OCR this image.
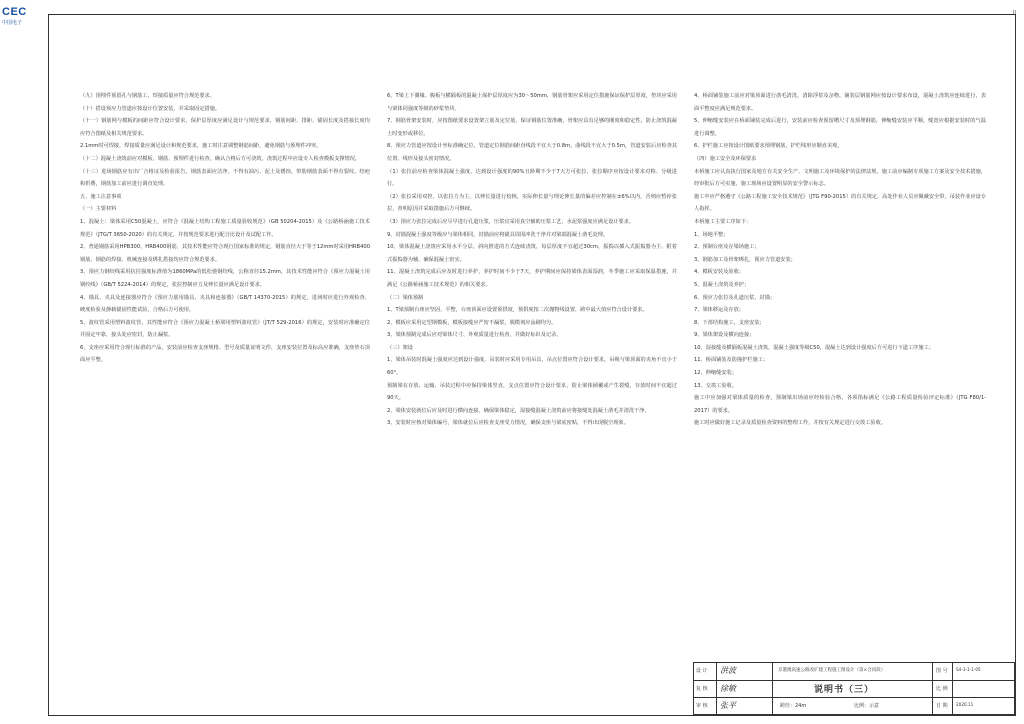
CEC
中国电子
ll

（九）预埋件预留孔与钢筋工，焊接质量应符合规范要求。

（十）搭设预应力管道应按设计位置安装，并采取固定措施。

（十一）钢筋网与模板的间距应符合设计要求，保护层厚度应满足设计与规范要求，钢筋间距、排距、锚固长度及搭接长度均应符合图纸及相关规范要求。

2.1mm时可焊接，焊接质量应满足设计和规范要求，施工时注意调整钢筋间距，避免钢筋与预埋件冲突。

（十二）混凝土浇筑前应对模板、钢筋、预埋件进行检查，确认合格后方可浇筑，浇筑过程中应设专人检查模板支撑情况。

（十三）进场钢筋应有出厂合格证及检验报告，钢筋表面应洁净，不得有油污、泥土及锈蚀，带肋钢筋表面不得有裂纹、结疤和折叠，钢筋加工前应进行调直处理。

五、施工注意事项

（一）主要材料

1、混凝土：梁体采用C50混凝土，应符合《混凝土结构工程施工质量验收规范》（GB 50204-2015）及《公路桥涵施工技术规范》（JTG/T 3650-2020）的有关规定，并按规范要求进行配合比设计及试配工作。

2、普通钢筋采用HPB300、HRB400钢筋，其技术性能应符合现行国家标准的规定，钢筋直径大于等于12mm时采用HRB400钢筋，钢筋的焊接、机械连接及绑扎搭接均应符合规范要求。

3、预应力钢绞线采用抗拉强度标准值为1860MPa的低松弛钢绞线，公称直径15.2mm，其技术性能应符合《预应力混凝土用钢绞线》（GB/T 5224-2014）的规定，张拉控制应力及伸长量应满足设计要求。

4、锚具、夹具及连接器应符合《预应力筋用锚具、夹具和连接器》（GB/T 14370-2015）的规定，进场时应进行外观检查、硬度检验及静载锚固性能试验，合格后方可使用。

5、波纹管采用塑料波纹管，其性能应符合《预应力混凝土桥梁用塑料波纹管》（JT/T 529-2016）的规定，安装时应准确定位并固定牢靠，接头处应密封，防止漏浆。

6、支座应采用符合现行标准的产品，安装前应检查支座规格、型号及质量证明文件，支座安装位置及标高应准确，支座垫石顶面应平整。

6、T梁上下翼缘、腹板与横隔板的混凝土保护层厚度应为30～50mm，钢筋骨架应采用定位措施保证保护层厚度，垫块应采用与梁体同强度等级的砂浆垫块。

7、钢筋骨架安装时，应按图纸要求设置架立筋及定位筋，保证钢筋位置准确，骨架应具有足够的刚度和稳定性，防止浇筑混凝土时变形或移位。

8、预应力管道应按设计坐标准确定位，管道定位钢筋间距直线段不宜大于0.8m，曲线段不宜大于0.5m，管道安装后应检查其位置、线形及接头密封情况。

（1）张拉前应检查梁体混凝土强度，达到设计强度的90%且龄期不少于7天方可张拉，张拉顺序应按设计要求对称、分级进行。

（2）张拉采用双控，以张拉力为主，以伸长量进行校核，实际伸长量与理论伸长量的偏差应控制在±6%以内，否则应暂停张拉，查明原因并采取措施后方可继续。

（3）预应力张拉完成后应尽早进行孔道压浆，压浆宜采用真空辅助压浆工艺，水泥浆强度应满足设计要求。

9、封锚混凝土强度等级应与梁体相同，封锚前应将锚具周围冲洗干净并对梁端混凝土凿毛处理。

10、梁体混凝土浇筑应采用水平分层、斜向推进的方式连续浇筑，每层厚度不宜超过30cm，振捣以插入式振捣器为主、附着式振捣器为辅，确保混凝土密实。

11、混凝土浇筑完成后应及时进行养护，养护时间不少于7天，养护期间应保持梁体表面湿润，冬季施工应采取保温措施，并满足《公路桥涵施工技术规范》的相关要求。

（二）梁体预制

1、T梁预制台座应坚固、平整，台座顶面应设置预拱度，预拱度按二次抛物线设置，跨中最大值应符合设计要求。

2、模板应采用定型钢模板，模板接缝应严密不漏浆，脱模剂应涂刷均匀。

3、梁体预制完成后应对梁体尺寸、外观质量进行检查，并做好标识及记录。

（三）架设

1、梁体吊装时混凝土强度应达到设计强度，吊装时应采用专用吊具，吊点位置应符合设计要求，吊绳与梁顶面的夹角不宜小于60°。

预制梁在存放、运输、吊装过程中应保持梁体竖直，支点位置应符合设计要求，防止梁体倾覆或产生裂缝，存放时间不宜超过90天。

2、梁体安装就位后应及时进行横向连接，确保梁体稳定，湿接缝混凝土浇筑前应将接缝处混凝土凿毛并清洗干净。

3、安装时应核对梁体编号，梁体就位后应检查支座受力情况，确保支座与梁底密贴，不得出现脱空现象。

4、桥面铺装施工前应对梁顶面进行凿毛清洗，清除浮浆及杂物，铺装层钢筋网应按设计要求布设，混凝土浇筑应连续进行，表面平整度应满足规范要求。

5、伸缩缝安装应在桥面铺装完成后进行，安装前应检查预留槽尺寸及预埋钢筋，伸缩缝安装应平顺，缝宽应根据安装时的气温进行调整。

6、护栏施工应按设计图纸要求预埋钢筋，护栏线形应顺直美观。

（四）施工安全及环保要求

本桥施工应认真执行国家及地方有关安全生产、文明施工及环境保护的法律法规，施工前应编制专项施工方案及安全技术措施，经审批后方可实施，施工现场应设置明显的安全警示标志。

施工中应严格遵守《公路工程施工安全技术规范》（JTG F90-2015）的有关规定，高处作业人员应佩戴安全带，吊装作业应设专人指挥。

本桥施工主要工序如下：

1、场地平整；

2、预制台座及存梁场施工；

3、钢筋加工及骨架绑扎，预应力管道安装；

4、模板安装及验收；

5、混凝土浇筑及养护；

6、预应力张拉及孔道压浆，封锚；

7、梁体移运及存放；

8、下部结构施工，支座安装；

9、梁体架设及横向连接；

10、湿接缝及横隔板混凝土浇筑，混凝土强度等级C50，混凝土达到设计强度后方可进行下道工序施工；

11、桥面铺装及防撞护栏施工；

12、伸缩缝安装；

13、交竣工验收。

施工中应加强对梁体质量的检查，预制梁出场前应经检验合格，各项指标满足《公路工程质量检验评定标准》（JTG F80/1-2017）的要求。

施工时应做好施工记录及质量检查资料的整理工作，并按有关规定进行交竣工验收。

设 计	洪波	京港澳高速公路改扩建工程施工图设计（第×合同段）	图 号 S4-3-1-1-05
复 核	徐敏	比 例
说明书（三）
审 核	张平	日 期 2020.11
跨径：24m	比例：示意
